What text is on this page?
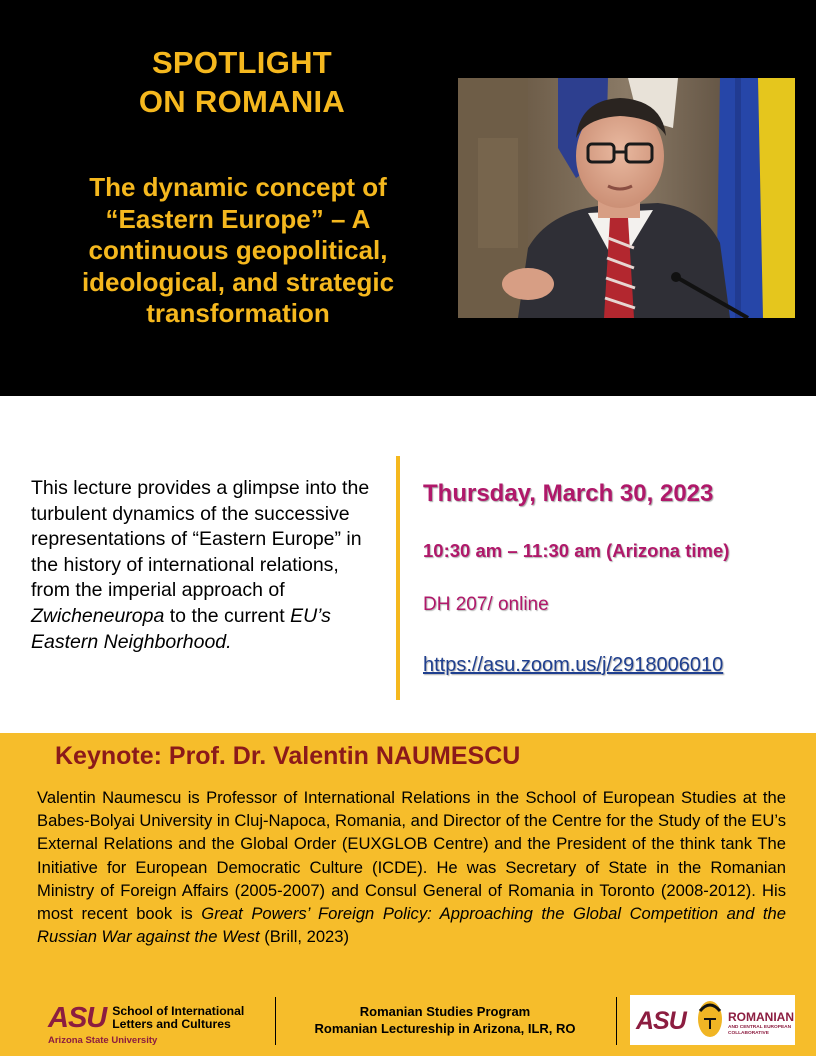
SPOTLIGHT
ON ROMANIA
The dynamic concept of
“Eastern Europe” – A
continuous geopolitical,
ideological, and strategic
transformation
This lecture provides a glimpse into the turbulent dynamics of the successive representations of “Eastern Europe” in the history of international relations, from the imperial approach of Zwicheneuropa to the current EU’s Eastern Neighborhood.
Thursday, March 30, 2023
10:30 am – 11:30 am (Arizona time)
DH 207/ online
https://asu.zoom.us/j/2918006010
Keynote: Prof. Dr. Valentin NAUMESCU
Valentin Naumescu is Professor of International Relations in the School of European Studies at the Babes-Bolyai University in Cluj-Napoca, Romania, and Director of the Centre for the Study of the EU’s External Relations and the Global Order (EUXGLOB Centre) and the President of the think tank The Initiative for European Democratic Culture (ICDE). He was Secretary of State in the Romanian Ministry of Foreign Affairs (2005-2007) and Consul General of Romania in Toronto (2008-2012). His most recent book is Great Powers’ Foreign Policy: Approaching the Global Competition and the Russian War against the West (Brill, 2023)
ASU School of International
Letters and Cultures
Arizona State University
Romanian Studies Program
Romanian Lectureship in Arizona, ILR, RO	ASU	ROMANIAN
AND CENTRAL EUROPEAN COLLABORATIVE
